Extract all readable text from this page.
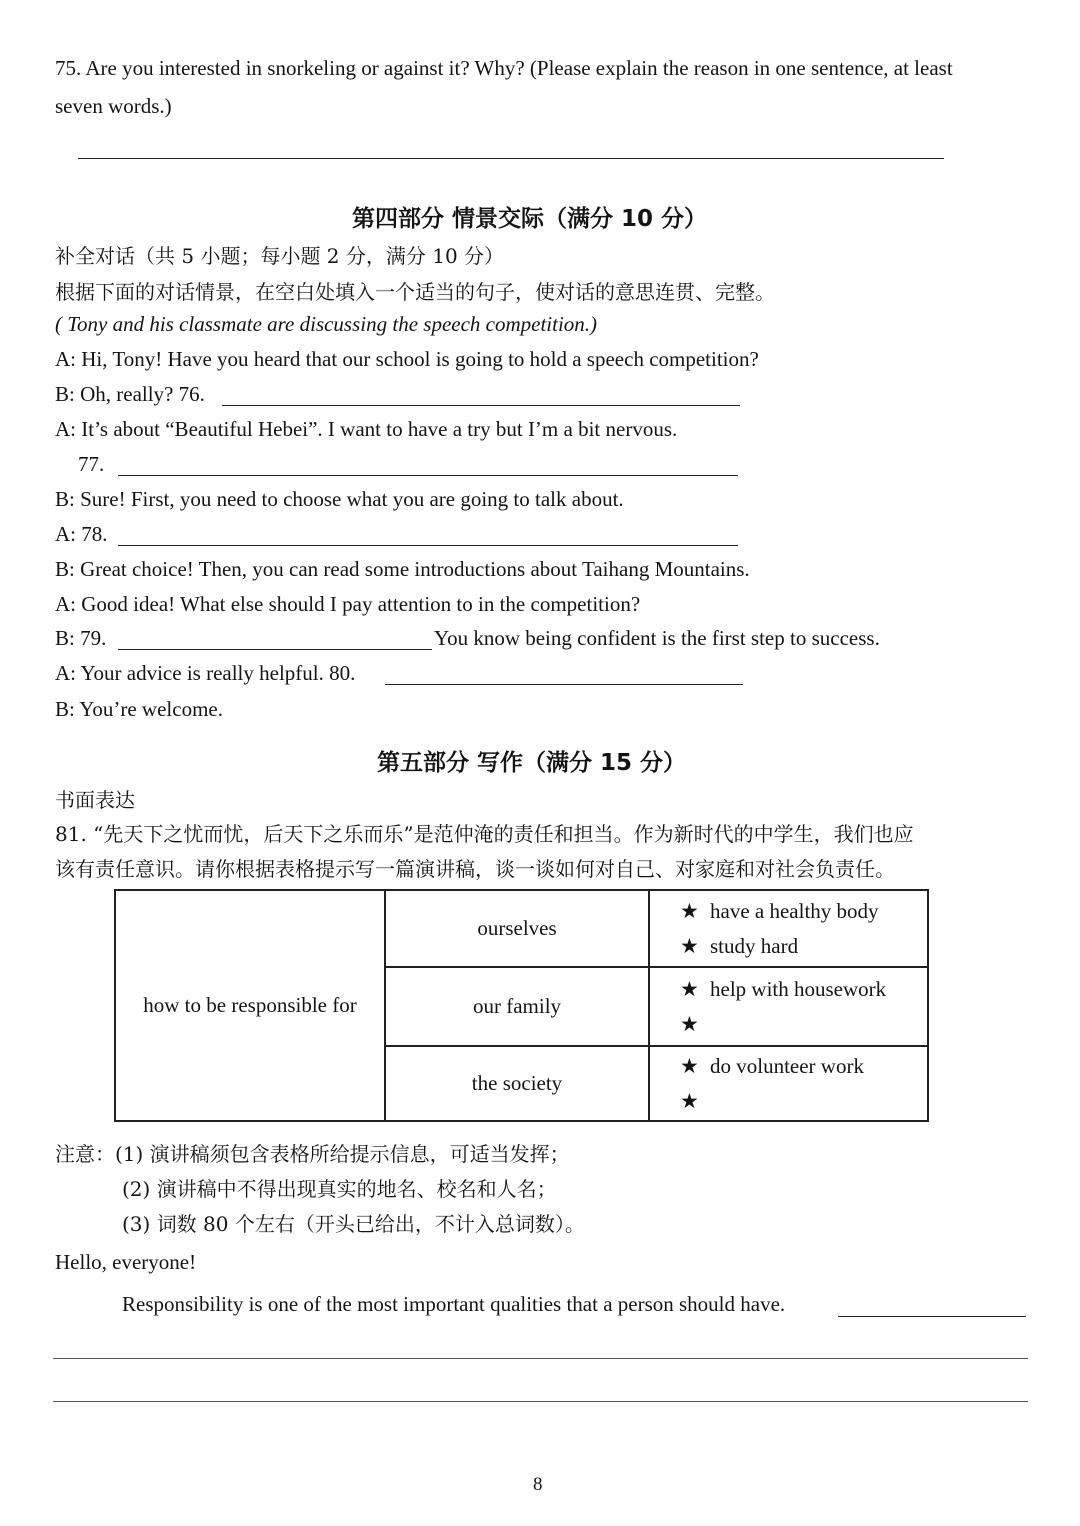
75. Are you interested in snorkeling or against it? Why? (Please explain the reason in one sentence, at least
seven words.)
第四部分 情景交际（满分 10 分）
补全对话（共 5 小题；每小题 2 分，满分 10 分）
根据下面的对话情景，在空白处填入一个适当的句子，使对话的意思连贯、完整。
( Tony and his classmate are discussing the speech competition.)
A: Hi, Tony! Have you heard that our school is going to hold a speech competition?
B: Oh, really? 76.
A: It’s about “Beautiful Hebei”. I want to have a try but I’m a bit nervous.
77.
B: Sure! First, you need to choose what you are going to talk about.
A: 78.
B: Great choice! Then, you can read some introductions about Taihang Mountains.
A: Good idea! What else should I pay attention to in the competition?
B: 79.	You know being confident is the first step to success.
A: Your advice is really helpful. 80.
B: You’re welcome.
第五部分 写作（满分 15 分）
书面表达
81. “先天下之忧而忧，后天下之乐而乐”是范仲淹的责任和担当。作为新时代的中学生，我们也应
该有责任意识。请你根据表格提示写一篇演讲稿，谈一谈如何对自己、对家庭和对社会负责任。
how to be responsible for	ourselves	★ have a healthy body
★ study hard

	our family	★ help with housework
★

	the society	★ do volunteer work
★
注意：(1) 演讲稿须包含表格所给提示信息，可适当发挥；
(2) 演讲稿中不得出现真实的地名、校名和人名；
(3) 词数 80 个左右（开头已给出，不计入总词数）。
Hello, everyone!
Responsibility is one of the most important qualities that a person should have.
8
